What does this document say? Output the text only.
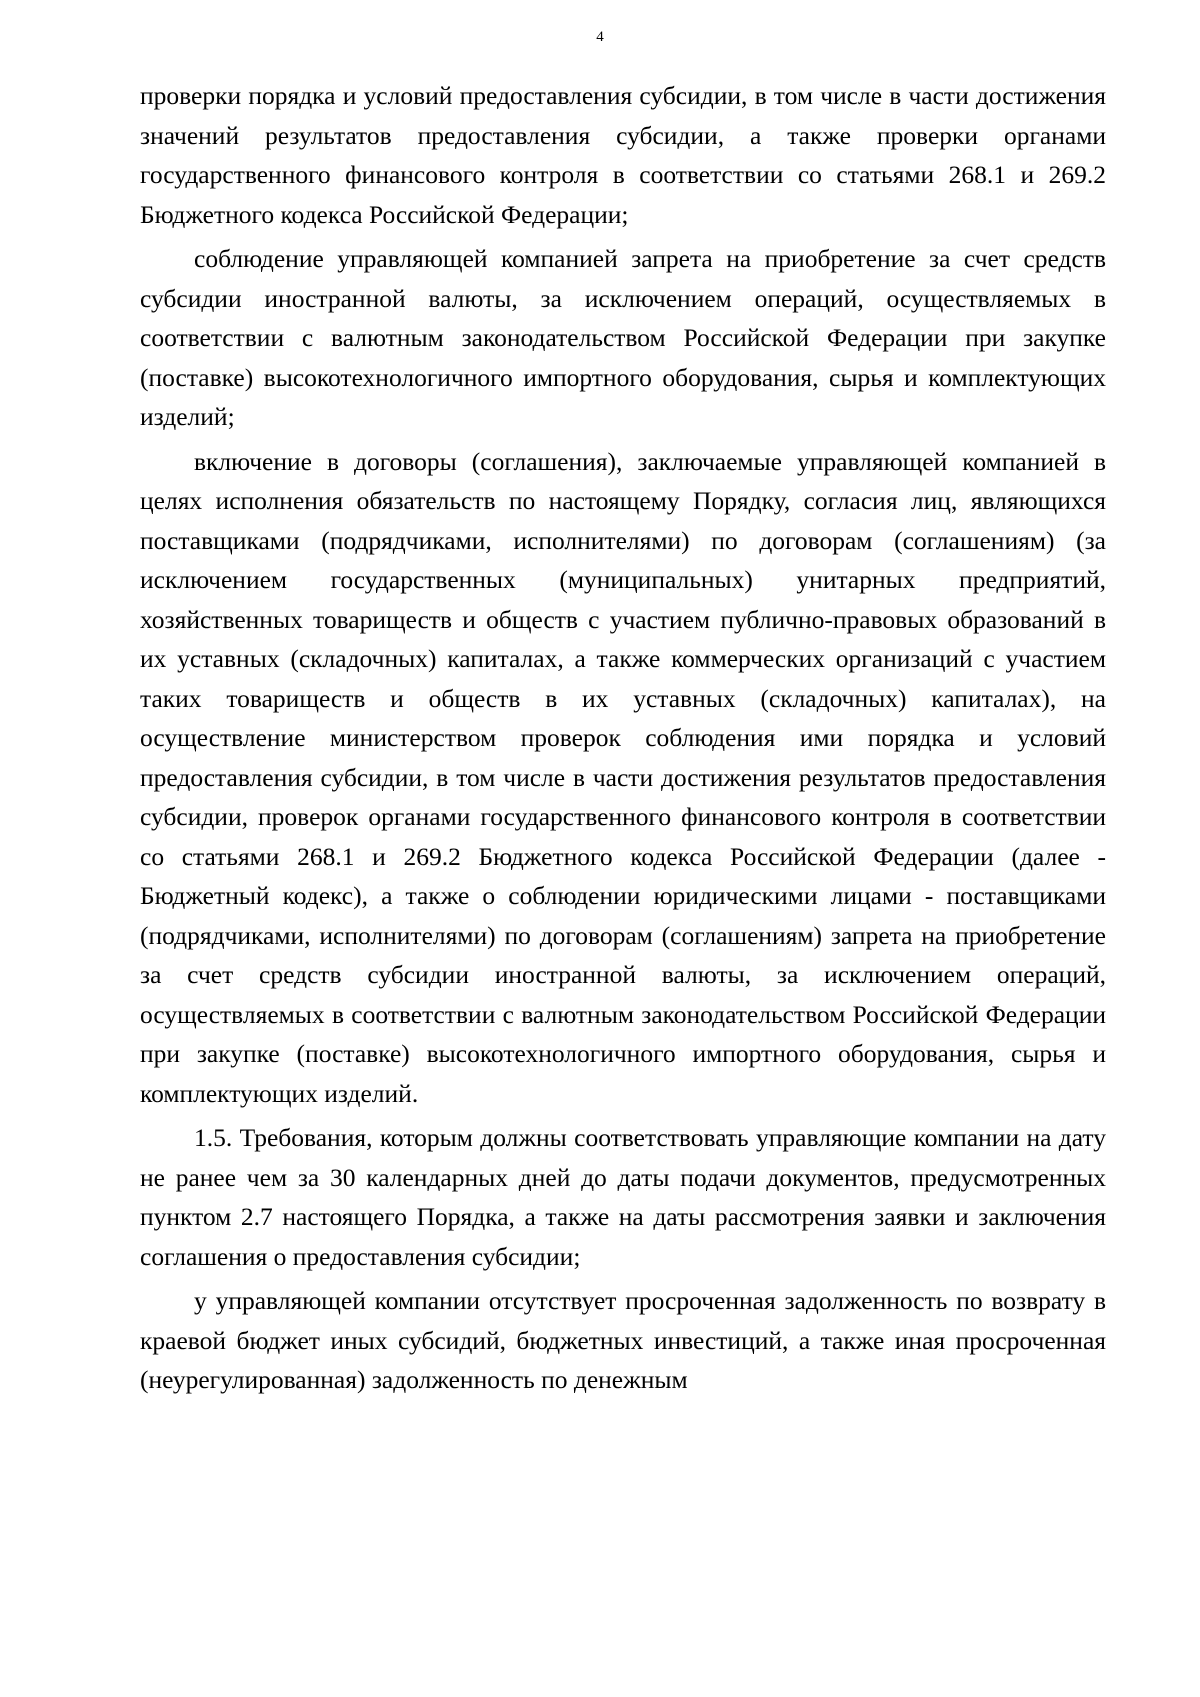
4

проверки порядка и условий предоставления субсидии, в том числе в части достижения значений результатов предоставления субсидии, а также проверки органами государственного финансового контроля в соответствии со статьями 268.1 и 269.2 Бюджетного кодекса Российской Федерации;

соблюдение управляющей компанией запрета на приобретение за счет средств субсидии иностранной валюты, за исключением операций, осуществляемых в соответствии с валютным законодательством Российской Федерации при закупке (поставке) высокотехнологичного импортного оборудования, сырья и комплектующих изделий;

включение в договоры (соглашения), заключаемые управляющей компанией в целях исполнения обязательств по настоящему Порядку, согласия лиц, являющихся поставщиками (подрядчиками, исполнителями) по договорам (соглашениям) (за исключением государственных (муниципальных) унитарных предприятий, хозяйственных товариществ и обществ с участием публично-правовых образований в их уставных (складочных) капиталах, а также коммерческих организаций с участием таких товариществ и обществ в их уставных (складочных) капиталах), на осуществление министерством проверок соблюдения ими порядка и условий предоставления субсидии, в том числе в части достижения результатов предоставления субсидии, проверок органами государственного финансового контроля в соответствии со статьями 268.1 и 269.2 Бюджетного кодекса Российской Федерации (далее - Бюджетный кодекс), а также о соблюдении юридическими лицами - поставщиками (подрядчиками, исполнителями) по договорам (соглашениям) запрета на приобретение за счет средств субсидии иностранной валюты, за исключением операций, осуществляемых в соответствии с валютным законодательством Российской Федерации при закупке (поставке) высокотехнологичного импортного оборудования, сырья и комплектующих изделий.

1.5. Требования, которым должны соответствовать управляющие компании на дату не ранее чем за 30 календарных дней до даты подачи документов, предусмотренных пунктом 2.7 настоящего Порядка, а также на даты рассмотрения заявки и заключения соглашения о предоставления субсидии;

у управляющей компании отсутствует просроченная задолженность по возврату в краевой бюджет иных субсидий, бюджетных инвестиций, а также иная просроченная (неурегулированная) задолженность по денежным
